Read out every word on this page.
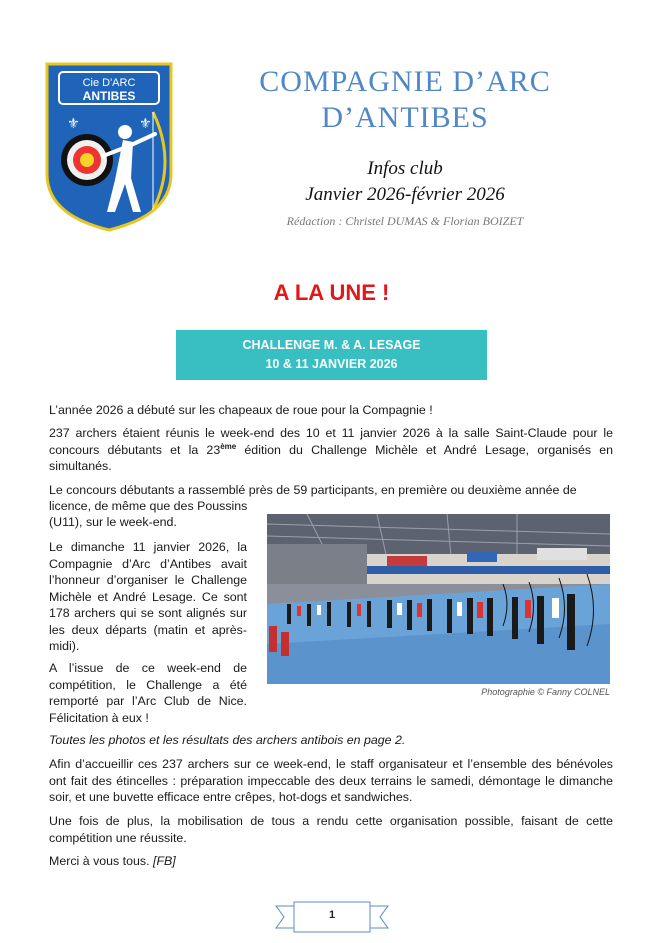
Cie D'ARC
ANTIBES
⚜	⚜
COMPAGNIE D’ARC
D’ANTIBES
Infos club
Janvier 2026-février 2026
Rédaction : Christel DUMAS & Florian BOIZET
A LA UNE !
CHALLENGE M. & A. LESAGE
10 & 11 JANVIER 2026

L’année 2026 a débuté sur les chapeaux de roue pour la Compagnie !

237 archers étaient réunis le week-end des 10 et 11 janvier 2026 à la salle Saint-Claude pour le concours débutants et la 23ème édition du Challenge Michèle et André Lesage, organisés en simultanés.

Le concours débutants a rassemblé près de 59 participants, en première ou deuxième année de

licence, de même que des Poussins

(U11), sur le week-end.

Le dimanche 11 janvier 2026, la Compagnie d’Arc d’Antibes avait l’honneur d’organiser le Challenge Michèle et André Lesage. Ce sont 178 archers qui se sont alignés sur les deux départs (matin et après-midi).

A l’issue de ce week-end de compétition, le Challenge a été remporté par l’Arc Club de Nice. Félicitation à eux !

Toutes les photos et les résultats des archers antibois en page 2.

Afin d’accueillir ces 237 archers sur ce week-end, le staff organisateur et l’ensemble des bénévoles ont fait des étincelles : préparation impeccable des deux terrains le samedi, démontage le dimanche soir, et une buvette efficace entre crêpes, hot-dogs et sandwiches.

Une fois de plus, la mobilisation de tous a rendu cette organisation possible, faisant de cette compétition une réussite.

Merci à vous tous. [FB]

Photographie © Fanny COLNEL
1
